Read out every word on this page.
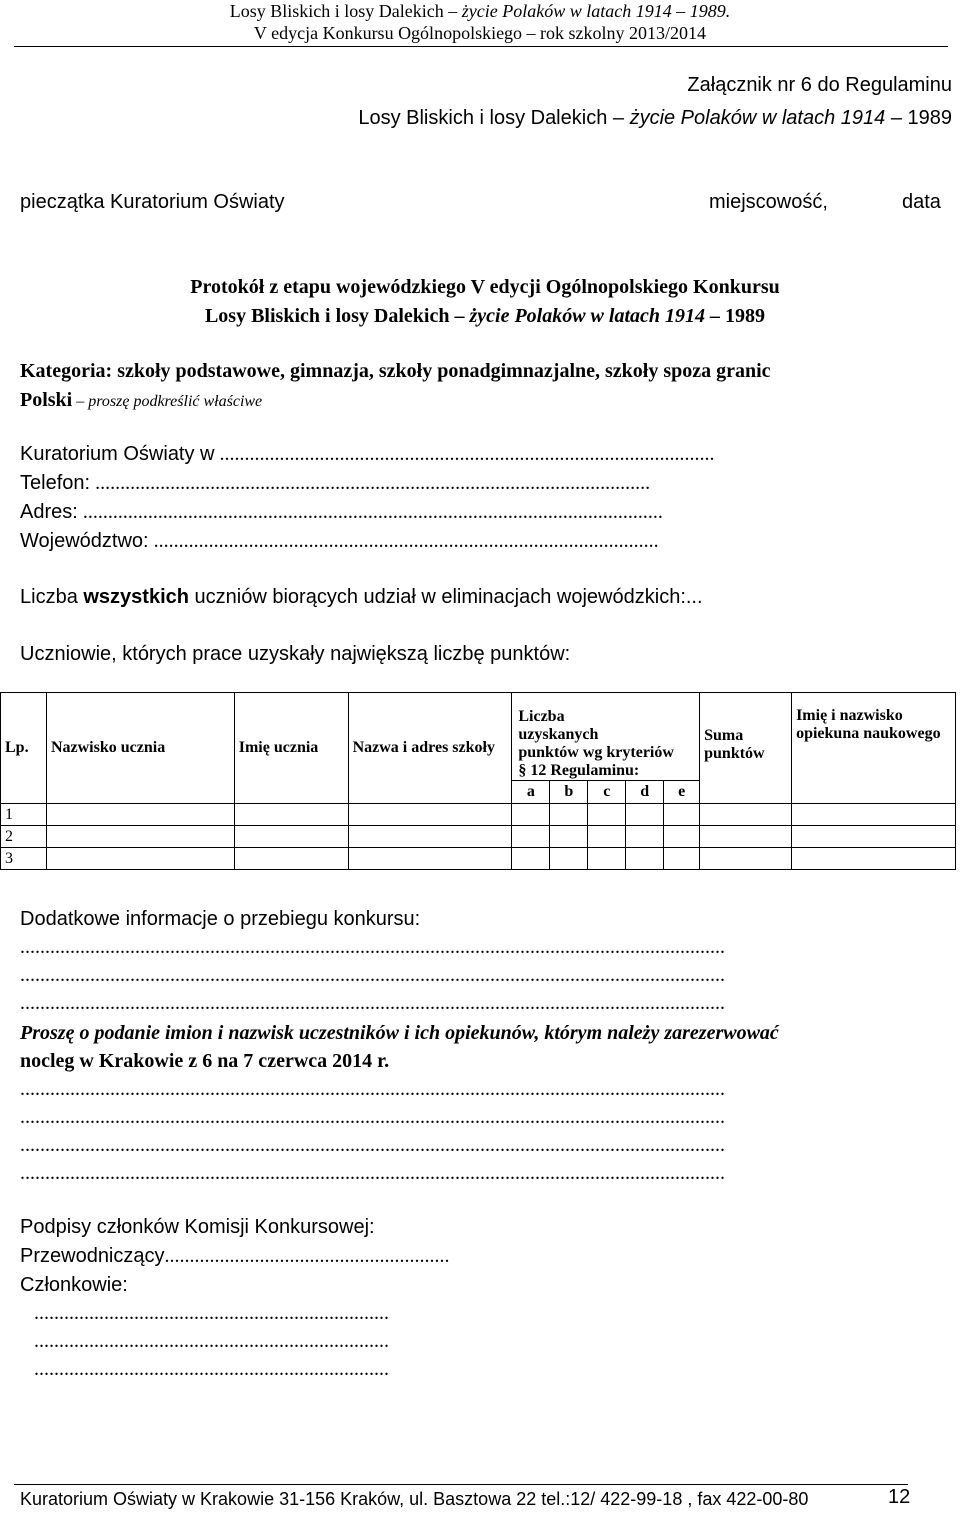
Losy Bliskich i losy Dalekich – życie Polaków w latach 1914 – 1989.
V edycja Konkursu Ogólnopolskiego – rok szkolny 2013/2014
Załącznik nr 6 do Regulaminu
Losy Bliskich i losy Dalekich – życie Polaków w latach 1914 – 1989
pieczątka Kuratorium Oświaty	miejscowość,	data
Protokół z etapu wojewódzkiego V edycji Ogólnopolskiego Konkursu
Losy Bliskich i losy Dalekich – życie Polaków w latach 1914 – 1989
Kategoria: szkoły podstawowe, gimnazja, szkoły ponadgimnazjalne, szkoły spoza granic
Polski – proszę podkreślić właściwe
Kuratorium Oświaty w ...................................................................................................
Telefon: ...............................................................................................................
Adres: ....................................................................................................................
Województwo: .....................................................................................................
Liczba wszystkich uczniów biorących udział w eliminacjach wojewódzkich:...
Uczniowie, których prace uzyskały największą liczbę punktów:
Lp.	Nazwisko ucznia	Imię ucznia	Nazwa i adres szkoły	Liczba
uzyskanych
punktów wg kryteriów
§ 12 Regulaminu:					Suma punktów	Imię i nazwisko opiekuna naukowego
				a	b	c	d	e		
1										
2										
3										
Dodatkowe informacje o przebiegu konkursu:
.............................................................................................................................................
.............................................................................................................................................
.............................................................................................................................................
Proszę o podanie imion i nazwisk uczestników i ich opiekunów, którym należy zarezerwować
nocleg w Krakowie z 6 na 7 czerwca 2014 r.
.............................................................................................................................................
.............................................................................................................................................
.............................................................................................................................................
.............................................................................................................................................
Podpisy członków Komisji Konkursowej:
Przewodniczący.........................................................
Członkowie:
.......................................................................
.......................................................................
.......................................................................
Kuratorium Oświaty w Krakowie 31-156 Kraków, ul. Basztowa 22 tel.:12/ 422-99-18 , fax 422-00-80	12
